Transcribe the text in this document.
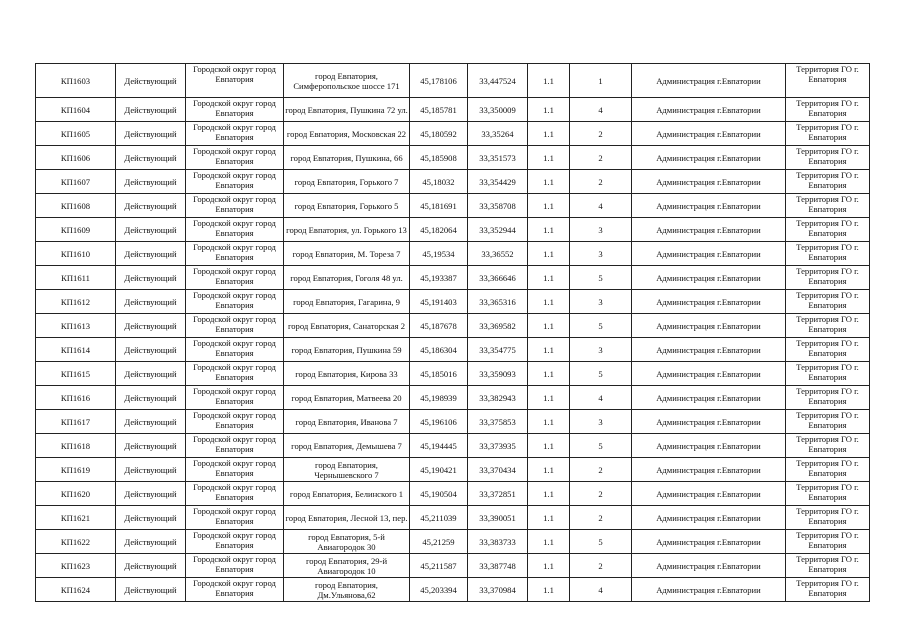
КП1603	Действующий	Городской округ город Евпатория	город Евпатория, Симферопольское шоссе 171	45,178106	33,447524	1.1	1	Администрация г.Евпатории	Территория ГО г. Евпатория
КП1604	Действующий	Городской округ город Евпатория	город Евпатория, Пушкина 72 ул.	45,185781	33,350009	1.1	4	Администрация г.Евпатории	Территория ГО г. Евпатория
КП1605	Действующий	Городской округ город Евпатория	город Евпатория, Московская 22	45,180592	33,35264	1.1	2	Администрация г.Евпатории	Территория ГО г. Евпатория
КП1606	Действующий	Городской округ город Евпатория	город Евпатория, Пушкина, 66	45,185908	33,351573	1.1	2	Администрация г.Евпатории	Территория ГО г. Евпатория
КП1607	Действующий	Городской округ город Евпатория	город Евпатория, Горького 7	45,18032	33,354429	1.1	2	Администрация г.Евпатории	Территория ГО г. Евпатория
КП1608	Действующий	Городской округ город Евпатория	город Евпатория, Горького 5	45,181691	33,358708	1.1	4	Администрация г.Евпатории	Территория ГО г. Евпатория
КП1609	Действующий	Городской округ город Евпатория	город Евпатория, ул. Горького 13	45,182064	33,352944	1.1	3	Администрация г.Евпатории	Территория ГО г. Евпатория
КП1610	Действующий	Городской округ город Евпатория	город Евпатория, М. Тореза 7	45,19534	33,36552	1.1	3	Администрация г.Евпатории	Территория ГО г. Евпатория
КП1611	Действующий	Городской округ город Евпатория	город Евпатория, Гоголя 48 ул.	45,193387	33,366646	1.1	5	Администрация г.Евпатории	Территория ГО г. Евпатория
КП1612	Действующий	Городской округ город Евпатория	город Евпатория, Гагарина, 9	45,191403	33,365316	1.1	3	Администрация г.Евпатории	Территория ГО г. Евпатория
КП1613	Действующий	Городской округ город Евпатория	город Евпатория, Санаторская 2	45,187678	33,369582	1.1	5	Администрация г.Евпатории	Территория ГО г. Евпатория
КП1614	Действующий	Городской округ город Евпатория	город Евпатория, Пушкина 59	45,186304	33,354775	1.1	3	Администрация г.Евпатории	Территория ГО г. Евпатория
КП1615	Действующий	Городской округ город Евпатория	город Евпатория, Кирова 33	45,185016	33,359093	1.1	5	Администрация г.Евпатории	Территория ГО г. Евпатория
КП1616	Действующий	Городской округ город Евпатория	город Евпатория, Матвеева 20	45,198939	33,382943	1.1	4	Администрация г.Евпатории	Территория ГО г. Евпатория
КП1617	Действующий	Городской округ город Евпатория	город Евпатория, Иванова 7	45,196106	33,375853	1.1	3	Администрация г.Евпатории	Территория ГО г. Евпатория
КП1618	Действующий	Городской округ город Евпатория	город Евпатория, Демышева 7	45,194445	33,373935	1.1	5	Администрация г.Евпатории	Территория ГО г. Евпатория
КП1619	Действующий	Городской округ город Евпатория	город Евпатория, Чернышевского 7	45,190421	33,370434	1.1	2	Администрация г.Евпатории	Территория ГО г. Евпатория
КП1620	Действующий	Городской округ город Евпатория	город Евпатория, Белинского 1	45,190504	33,372851	1.1	2	Администрация г.Евпатории	Территория ГО г. Евпатория
КП1621	Действующий	Городской округ город Евпатория	город Евпатория, Лесной 13, пер.	45,211039	33,390051	1.1	2	Администрация г.Евпатории	Территория ГО г. Евпатория
КП1622	Действующий	Городской округ город Евпатория	город Евпатория, 5-й Авиагородок 30	45,21259	33,383733	1.1	5	Администрация г.Евпатории	Территория ГО г. Евпатория
КП1623	Действующий	Городской округ город Евпатория	город Евпатория, 29-й Авиагородок 10	45,211587	33,387748	1.1	2	Администрация г.Евпатории	Территория ГО г. Евпатория
КП1624	Действующий	Городской округ город Евпатория	город Евпатория, Дм.Ульянова,62	45,203394	33,370984	1.1	4	Администрация г.Евпатории	Территория ГО г. Евпатория
